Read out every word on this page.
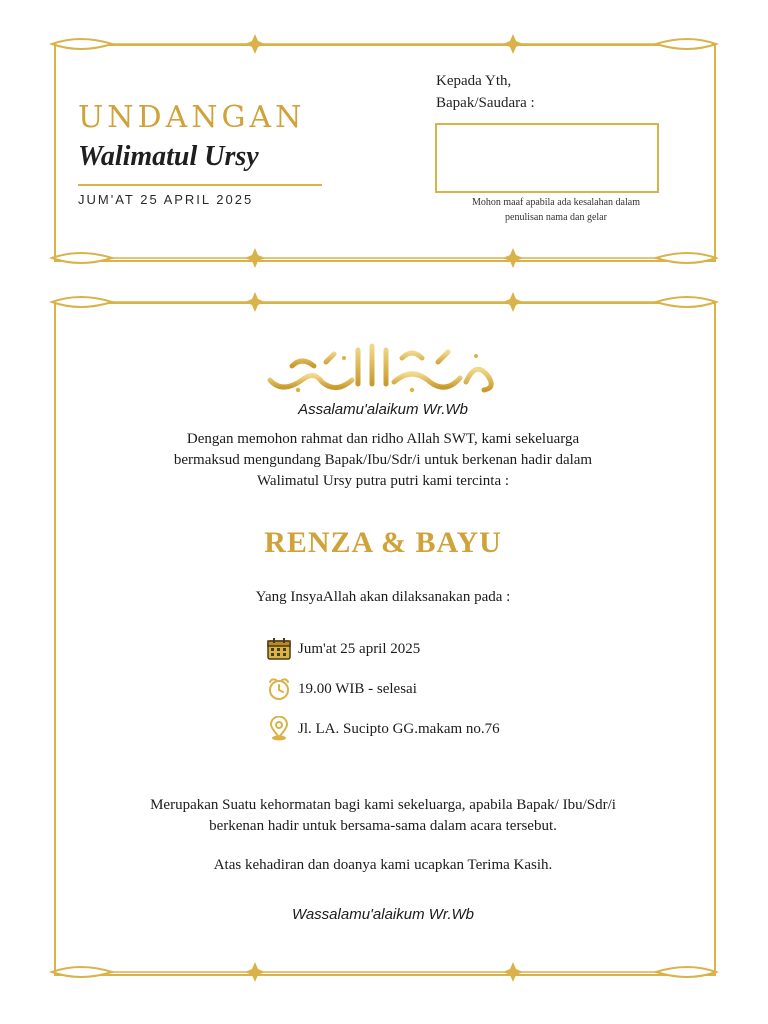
UNDANGAN
Walimatul Ursy

JUM'AT 25 APRIL 2025

Kepada Yth,
Bapak/Saudara :
Mohon maaf apabila ada kesalahan dalam
penulisan nama dan gelar
Assalamu'alaikum Wr.Wb
Dengan memohon rahmat dan ridho Allah SWT, kami sekeluarga
bermaksud mengundang Bapak/Ibu/Sdr/i untuk berkenan hadir dalam
Walimatul Ursy putra putri kami tercinta :
RENZA & BAYU
Yang InsyaAllah akan dilaksanakan pada :
Jum'at 25 april 2025
19.00 WIB - selesai
Jl. LA. Sucipto GG.makam no.76
Merupakan Suatu kehormatan bagi kami sekeluarga, apabila Bapak/ Ibu/Sdr/i
berkenan hadir untuk bersama-sama dalam acara tersebut.
Atas kehadiran dan doanya kami ucapkan Terima Kasih.
Wassalamu'alaikum Wr.Wb
